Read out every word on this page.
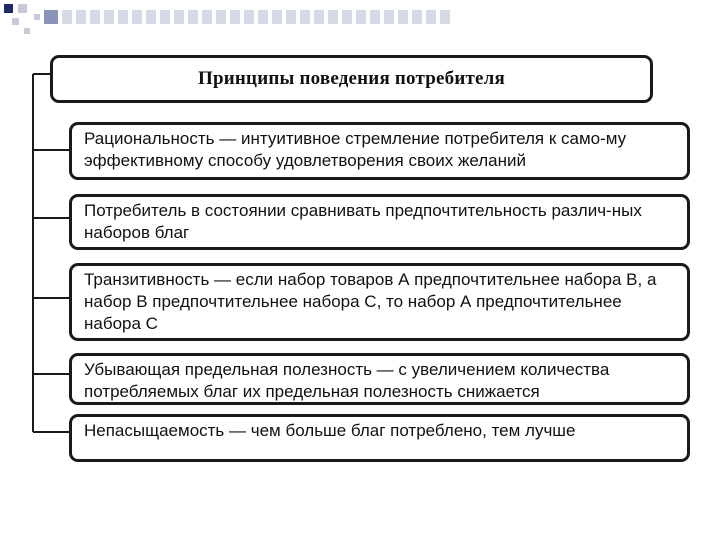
Принципы поведения потребителя
Рациональность — интуитивное стремление потребителя к само-му эффективному способу удовлетворения своих желаний
Потребитель в состоянии сравнивать предпочтительность различ-ных наборов благ
Транзитивность — если набор товаров А предпочтительнее набора В, а набор В предпочтительнее набора С, то набор А предпочтительнее набора С
Убывающая предельная полезность — с увеличением количества потребляемых благ их предельная полезность снижается
Непасыщаемость — чем больше благ потреблено, тем лучше
